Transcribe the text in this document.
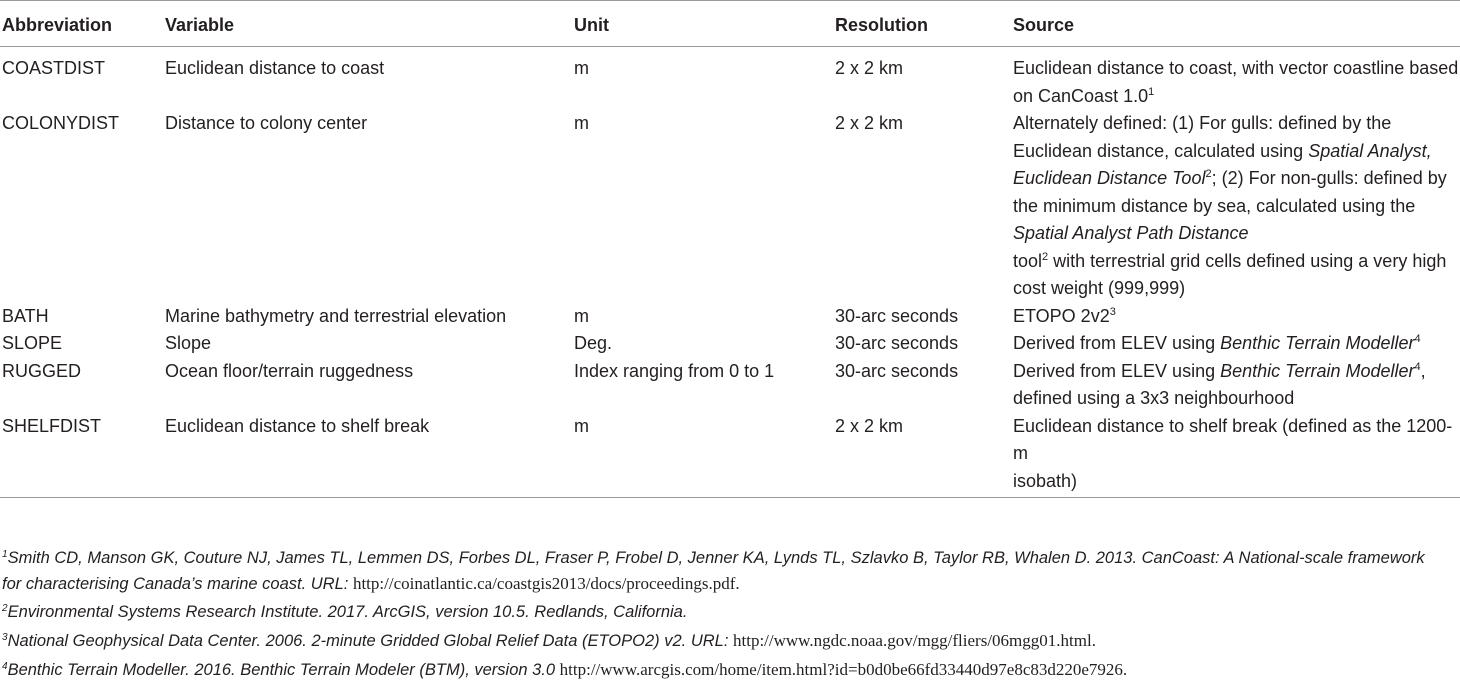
Abbreviation	Variable	Unit	Resolution	Source
COASTDIST	Euclidean distance to coast	m	2 x 2 km	Euclidean distance to coast, with vector coastline based
on CanCoast $1.0^1$
COLONYDIST	Distance to colony center	m	2 x 2 km	Alternately defined: (1) For gulls: defined by the Euclidean distance, calculated using Spatial Analyst, Euclidean Distance Tool$^2$; (2) For non-gulls: defined by the minimum distance by sea, calculated using the Spatial Analyst Path Distance
tool$^2$ with terrestrial grid cells defined using a very high cost weight (999,999)
BATH	Marine bathymetry and terrestrial elevation	m	30-arc seconds	ETOPO $2v2^3$
SLOPE	Slope	Deg.	30-arc seconds	Derived from ELEV using Benthic Terrain Modeller$^4$
RUGGED	Ocean floor/terrain ruggedness	Index ranging from 0 to 1	30-arc seconds	Derived from ELEV using Benthic Terrain Modeller$^4$, defined using a 3x3 neighbourhood
SHELFDIST	Euclidean distance to shelf break	m	2 x 2 km	Euclidean distance to shelf break (defined as the 1200-m
isobath)
$^1$Smith CD, Manson GK, Couture NJ, James TL, Lemmen DS, Forbes DL, Fraser P, Frobel D, Jenner KA, Lynds TL, Szlavko B, Taylor RB, Whalen D. 2013. CanCoast: A National-scale framework for characterising Canada’s marine coast. URL: http://coinatlantic.ca/coastgis2013/docs/proceedings.pdf.
$^2$Environmental Systems Research Institute. 2017. ArcGIS, version 10.5. Redlands, California.
$^3$National Geophysical Data Center. 2006. 2-minute Gridded Global Relief Data (ETOPO2) v2. URL: http://www.ngdc.noaa.gov/mgg/fliers/06mgg01.html.
$^4$Benthic Terrain Modeller. 2016. Benthic Terrain Modeler (BTM), version 3.0 http://www.arcgis.com/home/item.html?id=b0d0be66fd33440d97e8c83d220e7926.
